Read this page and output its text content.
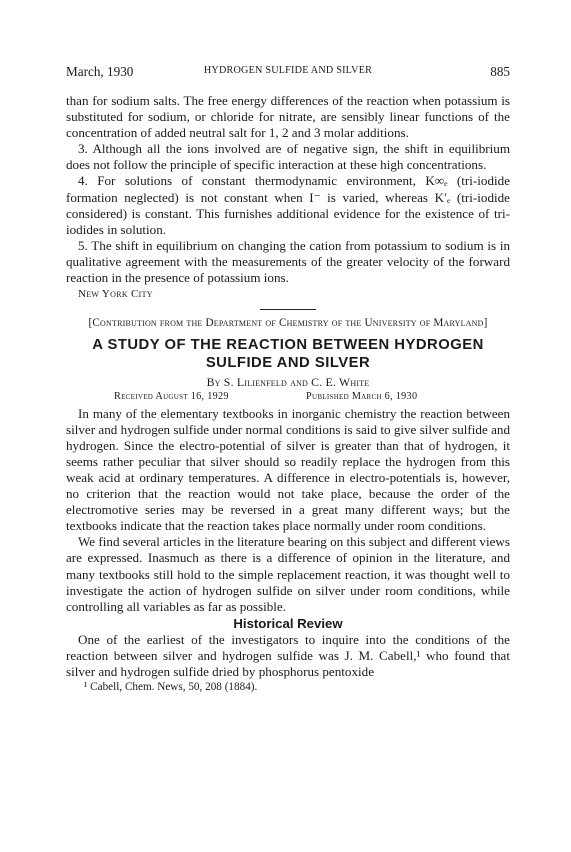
March, 1930	HYDROGEN SULFIDE AND SILVER	885

than for sodium salts. The free energy differences of the reaction when potassium is substituted for sodium, or chloride for nitrate, are sensibly linear functions of the concentration of added neutral salt for 1, 2 and 3 molar additions.

3. Although all the ions involved are of negative sign, the shift in equilibrium does not follow the principle of specific interaction at these high concentrations.

4. For solutions of constant thermodynamic environment, K∞ₑ (tri-iodide formation neglected) is not constant when I⁻ is varied, whereas K′ₑ (tri-iodide considered) is constant. This furnishes additional evidence for the existence of tri-iodides in solution.

5. The shift in equilibrium on changing the cation from potassium to sodium is in qualitative agreement with the measurements of the greater velocity of the forward reaction in the presence of potassium ions.

New York City
[Contribution from the Department of Chemistry of the University of Maryland]
A STUDY OF THE REACTION BETWEEN HYDROGEN SULFIDE AND SILVER
By S. Lilienfeld and C. E. White
Received August 16, 1929	Published March 6, 1930

In many of the elementary textbooks in inorganic chemistry the reaction between silver and hydrogen sulfide under normal conditions is said to give silver sulfide and hydrogen. Since the electro-potential of silver is greater than that of hydrogen, it seems rather peculiar that silver should so readily replace the hydrogen from this weak acid at ordinary temperatures. A difference in electro-potentials is, however, no criterion that the reaction would not take place, because the order of the electromotive series may be reversed in a great many different ways; but the textbooks indicate that the reaction takes place normally under room conditions.

We find several articles in the literature bearing on this subject and different views are expressed. Inasmuch as there is a difference of opinion in the literature, and many textbooks still hold to the simple replacement reaction, it was thought well to investigate the action of hydrogen sulfide on silver under room conditions, while controlling all variables as far as possible.

Historical Review

One of the earliest of the investigators to inquire into the conditions of the reaction between silver and hydrogen sulfide was J. M. Cabell,¹ who found that silver and hydrogen sulfide dried by phosphorus pentoxide

¹ Cabell, Chem. News, 50, 208 (1884).
